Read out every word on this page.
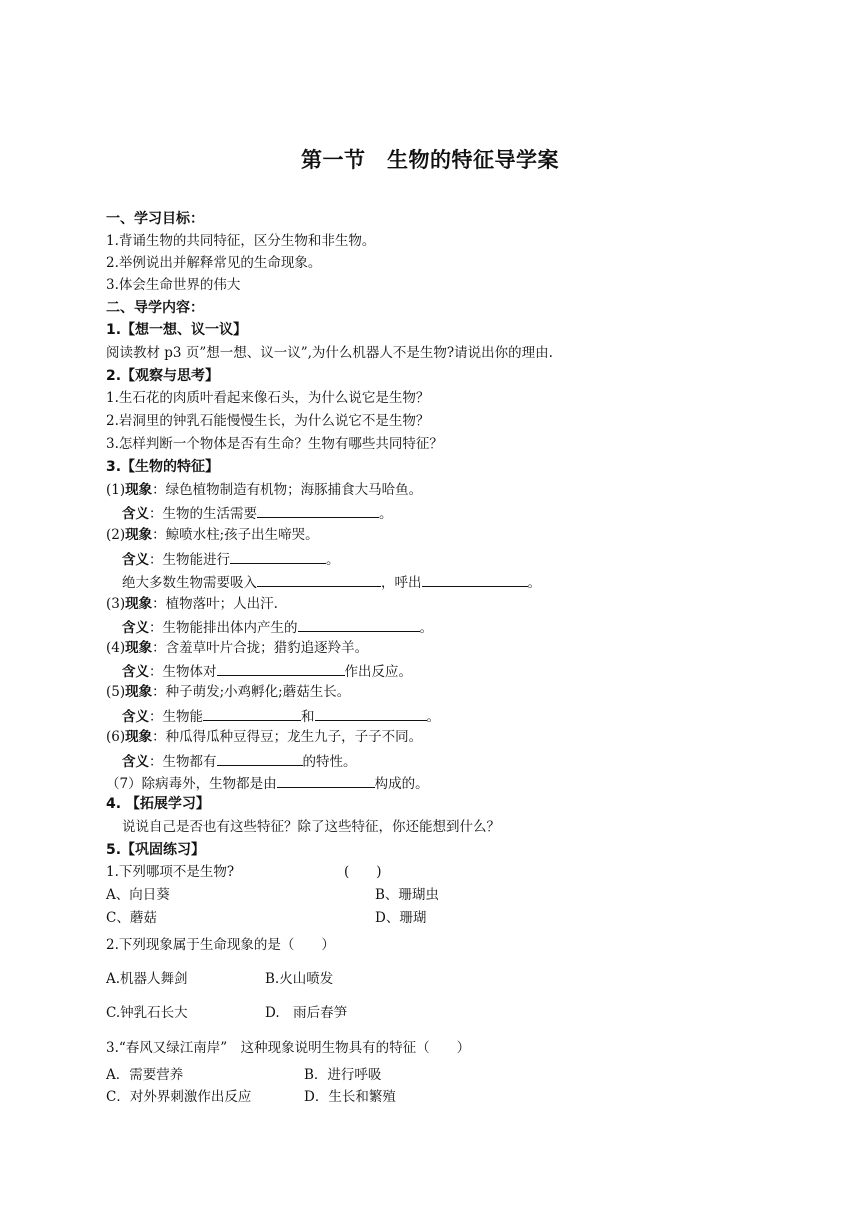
第一节　生物的特征导学案
一、学习目标：
1.背诵生物的共同特征，区分生物和非生物。
2.举例说出并解释常见的生命现象。
3.体会生命世界的伟大
二、导学内容：
1.【想一想、议一议】
阅读教材 p3 页”想一想、议一议”,为什么机器人不是生物?请说出你的理由.
2.【观察与思考】
1.生石花的肉质叶看起来像石头，为什么说它是生物？
2.岩洞里的钟乳石能慢慢生长，为什么说它不是生物？
3.怎样判断一个物体是否有生命？生物有哪些共同特征？
3.【生物的特征】
(1)现象：绿色植物制造有机物；海豚捕食大马哈鱼。
含义：生物的生活需要	。
(2)现象：鲸喷水柱;孩子出生啼哭。
含义：生物能进行	。
绝大多数生物需要吸入	，呼出	。
(3)现象：植物落叶；人出汗.
含义：生物能排出体内产生的	。
(4)现象：含羞草叶片合拢；猎豹追逐羚羊。
含义：生物体对	作出反应。
(5)现象：种子萌发;小鸡孵化;蘑菇生长。
含义：生物能	和	。
(6)现象：种瓜得瓜种豆得豆；龙生九子，子子不同。
含义：生物都有	的特性。
（7）除病毒外，生物都是由	构成的。
4. 【拓展学习】
说说自己是否也有这些特征？除了这些特征，你还能想到什么？
5.【巩固练习】
1.下列哪项不是生物?	(　　)
A、向日葵	B、珊瑚虫
C、蘑菇	D、珊瑚
2.下列现象属于生命现象的是（　　）
A.机器人舞剑	B.火山喷发
C.钟乳石长大	D.　雨后春笋
3.“春风又绿江南岸”　这种现象说明生物具有的特征（　　）
A．需要营养	B．进行呼吸
C．对外界刺激作出反应	D．生长和繁殖
